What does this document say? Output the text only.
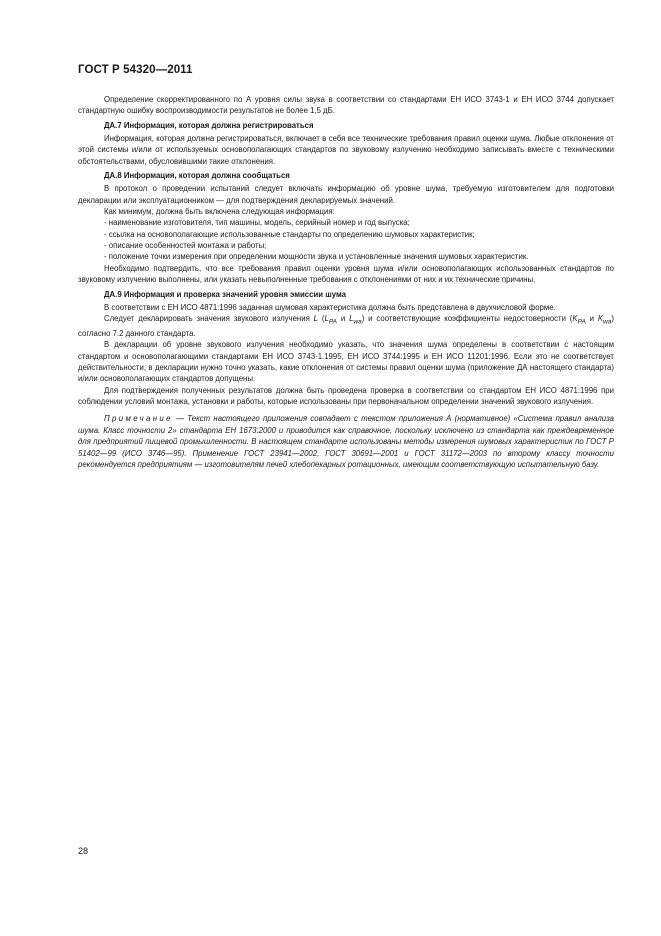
ГОСТ Р 54320—2011

Определение скорректированного по А уровня силы звука в соответствии со стандартами ЕН ИСО 3743-1 и ЕН ИСО 3744 допускает стандартную ошибку воспроизводимости результатов не более 1,5 дБ.

ДА.7 Информация, которая должна регистрироваться

Информация, которая должна регистрироваться, включает в себя все технические требования правил оценки шума. Любые отклонения от этой системы и/или от используемых основополагающих стандартов по звуковому излучению необходимо записывать вместе с техническими обстоятельствами, обусловившими такие отклонения.

ДА.8 Информация, которая должна сообщаться

В протокол о проведении испытаний следует включать информацию об уровне шума, требуемую изготовителем для подготовки декларации или эксплуатационником — для подтверждения декларируемых значений.

Как минимум, должна быть включена следующая информация:

- наименование изготовителя, тип машины, модель, серийный номер и год выпуска;

- ссылка на основополагающие использованные стандарты по определению шумовых характеристик;

- описание особенностей монтажа и работы;

- положение точки измерения при определении мощности звука и установленные значения шумовых характеристик.

Необходимо подтвердить, что все требования правил оценки уровня шума и/или основополагающих использованных стандартов по звуковому излучению выполнены, или указать невыполненные требования с отклонениями от них и их технические причины.

ДА.9 Информация и проверка значений уровня эмиссии шума

В соответствии с ЕН ИСО 4871:1996 заданная шумовая характеристика должна быть представлена в двухчисловой форме.

Следует декларировать значения звукового излучения L ($L_{PA}$ и $L_{wa}$) и соответствующие коэффициенты недостоверности ($K_{PA}$ и $K_{wa}$) согласно 7.2 данного стандарта.

В декларации об уровне звукового излучения необходимо указать, что значения шума определены в соответствии с настоящим стандартом и основополагающими стандартами ЕН ИСО 3743-1.1995, ЕН ИСО 3744:1995 и ЕН ИСО 11201:1996. Если это не соответствует действительности, в декларации нужно точно указать, какие отклонения от системы правил оценки шума (приложение ДА настоящего стандарта) и/или основополагающих стандартов допущены.

Для подтверждения полученных результатов должна быть проведена проверка в соответствии со стандартом ЕН ИСО 4871:1996 при соблюдении условий монтажа, установки и работы, которые использованы при первоначальном определении значений звукового излучения.

Примечание — Текст настоящего приложения совпадает с текстом приложения А (нормативное) «Система правил анализа шума. Класс точности 2» стандарта ЕН 1673:2000 и приводится как справочное, поскольку исключено из стандарта как преждевременное для предприятий пищевой промышленности. В настоящем стандарте использованы методы измерения шумовых характеристик по ГОСТ Р 51402—99 (ИСО 3746—95). Применение ГОСТ 23941—2002, ГОСТ 30691—2001 и ГОСТ 31172—2003 по второму классу точности рекомендуется предприятиям — изготовителям печей хлебопекарных ротационных, имеющим соответствующую испытательную базу.

28
